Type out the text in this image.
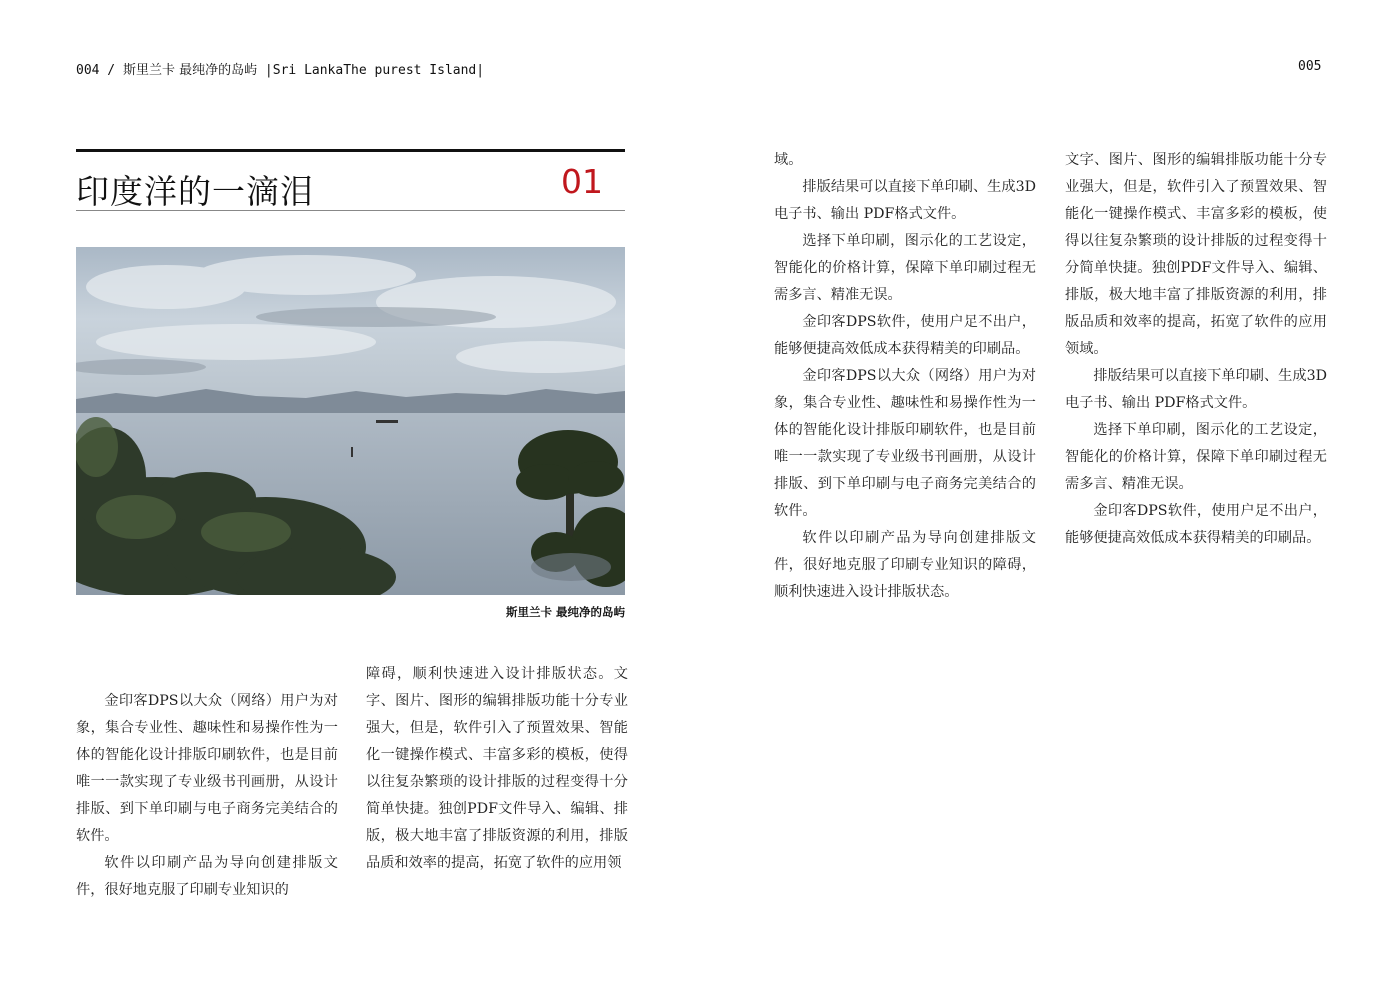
004 / 斯里兰卡 最纯净的岛屿 |Sri LankaThe purest Island|	005
印度洋的一滴泪	01
斯里兰卡 最纯净的岛屿

金印客DPS以大众（网络）用户为对象，集合专业性、趣味性和易操作性为一体的智能化设计排版印刷软件，也是目前唯一一款实现了专业级书刊画册，从设计排版、到下单印刷与电子商务完美结合的软件。

软件以印刷产品为导向创建排版文件，很好地克服了印刷专业知识的

障碍，顺利快速进入设计排版状态。文字、图片、图形的编辑排版功能十分专业强大，但是，软件引入了预置效果、智能化一键操作模式、丰富多彩的模板，使得以往复杂繁琐的设计排版的过程变得十分简单快捷。独创PDF文件导入、编辑、排版，极大地丰富了排版资源的利用，排版品质和效率的提高，拓宽了软件的应用领

域。

排版结果可以直接下单印刷、生成3D电子书、输出 PDF格式文件。

选择下单印刷，图示化的工艺设定，智能化的价格计算，保障下单印刷过程无需多言、精准无误。

金印客DPS软件，使用户足不出户，能够便捷高效低成本获得精美的印刷品。

金印客DPS以大众（网络）用户为对象，集合专业性、趣味性和易操作性为一体的智能化设计排版印刷软件，也是目前唯一一款实现了专业级书刊画册，从设计排版、到下单印刷与电子商务完美结合的软件。

软件以印刷产品为导向创建排版文件，很好地克服了印刷专业知识的障碍，顺利快速进入设计排版状态。

文字、图片、图形的编辑排版功能十分专业强大，但是，软件引入了预置效果、智能化一键操作模式、丰富多彩的模板，使得以往复杂繁琐的设计排版的过程变得十分简单快捷。独创PDF文件导入、编辑、排版，极大地丰富了排版资源的利用，排版品质和效率的提高，拓宽了软件的应用领域。

排版结果可以直接下单印刷、生成3D电子书、输出 PDF格式文件。

选择下单印刷，图示化的工艺设定，智能化的价格计算，保障下单印刷过程无需多言、精准无误。

金印客DPS软件，使用户足不出户，能够便捷高效低成本获得精美的印刷品。
